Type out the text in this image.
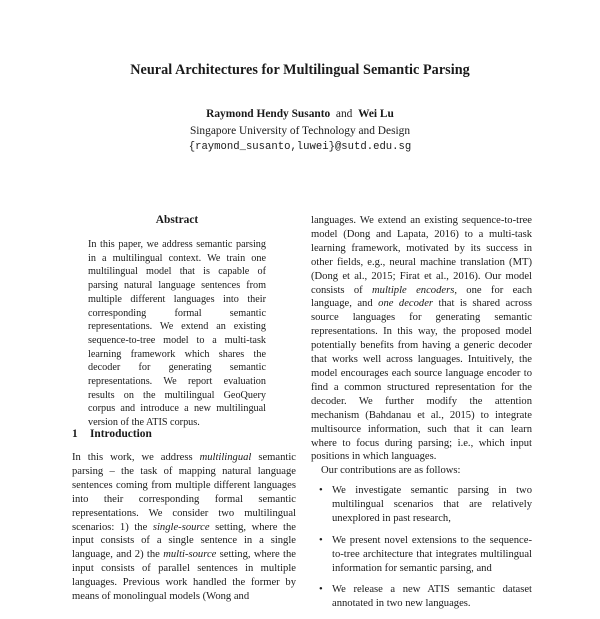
Neural Architectures for Multilingual Semantic Parsing
Raymond Hendy Susanto and Wei Lu
Singapore University of Technology and Design
{raymond_susanto,luwei}@sutd.edu.sg
Abstract
In this paper, we address semantic parsing in a multilingual context. We train one multilingual model that is capable of parsing natural language sentences from multiple different languages into their corresponding formal semantic representations. We extend an existing sequence-to-tree model to a multi-task learning framework which shares the decoder for generating semantic representations. We report evaluation results on the multilingual GeoQuery corpus and introduce a new multilingual version of the ATIS corpus.
1 Introduction
In this work, we address multilingual semantic parsing – the task of mapping natural language sentences coming from multiple different languages into their corresponding formal semantic representations. We consider two multilingual scenarios: 1) the single-source setting, where the input consists of a single sentence in a single language, and 2) the multi-source setting, where the input consists of parallel sentences in multiple languages. Previous work handled the former by means of monolingual models (Wong and

languages. We extend an existing sequence-to-tree model (Dong and Lapata, 2016) to a multi-task learning framework, motivated by its success in other fields, e.g., neural machine translation (MT) (Dong et al., 2015; Firat et al., 2016). Our model consists of multiple encoders, one for each language, and one decoder that is shared across source languages for generating semantic representations. In this way, the proposed model potentially benefits from having a generic decoder that works well across languages. Intuitively, the model encourages each source language encoder to find a common structured representation for the decoder. We further modify the attention mechanism (Bahdanau et al., 2015) to integrate multisource information, such that it can learn where to focus during parsing; i.e., which input positions in which languages.

Our contributions are as follows:

• We investigate semantic parsing in two multilingual scenarios that are relatively unexplored in past research,
• We present novel extensions to the sequence-to-tree architecture that integrates multilingual information for semantic parsing, and
• We release a new ATIS semantic dataset annotated in two new languages.
